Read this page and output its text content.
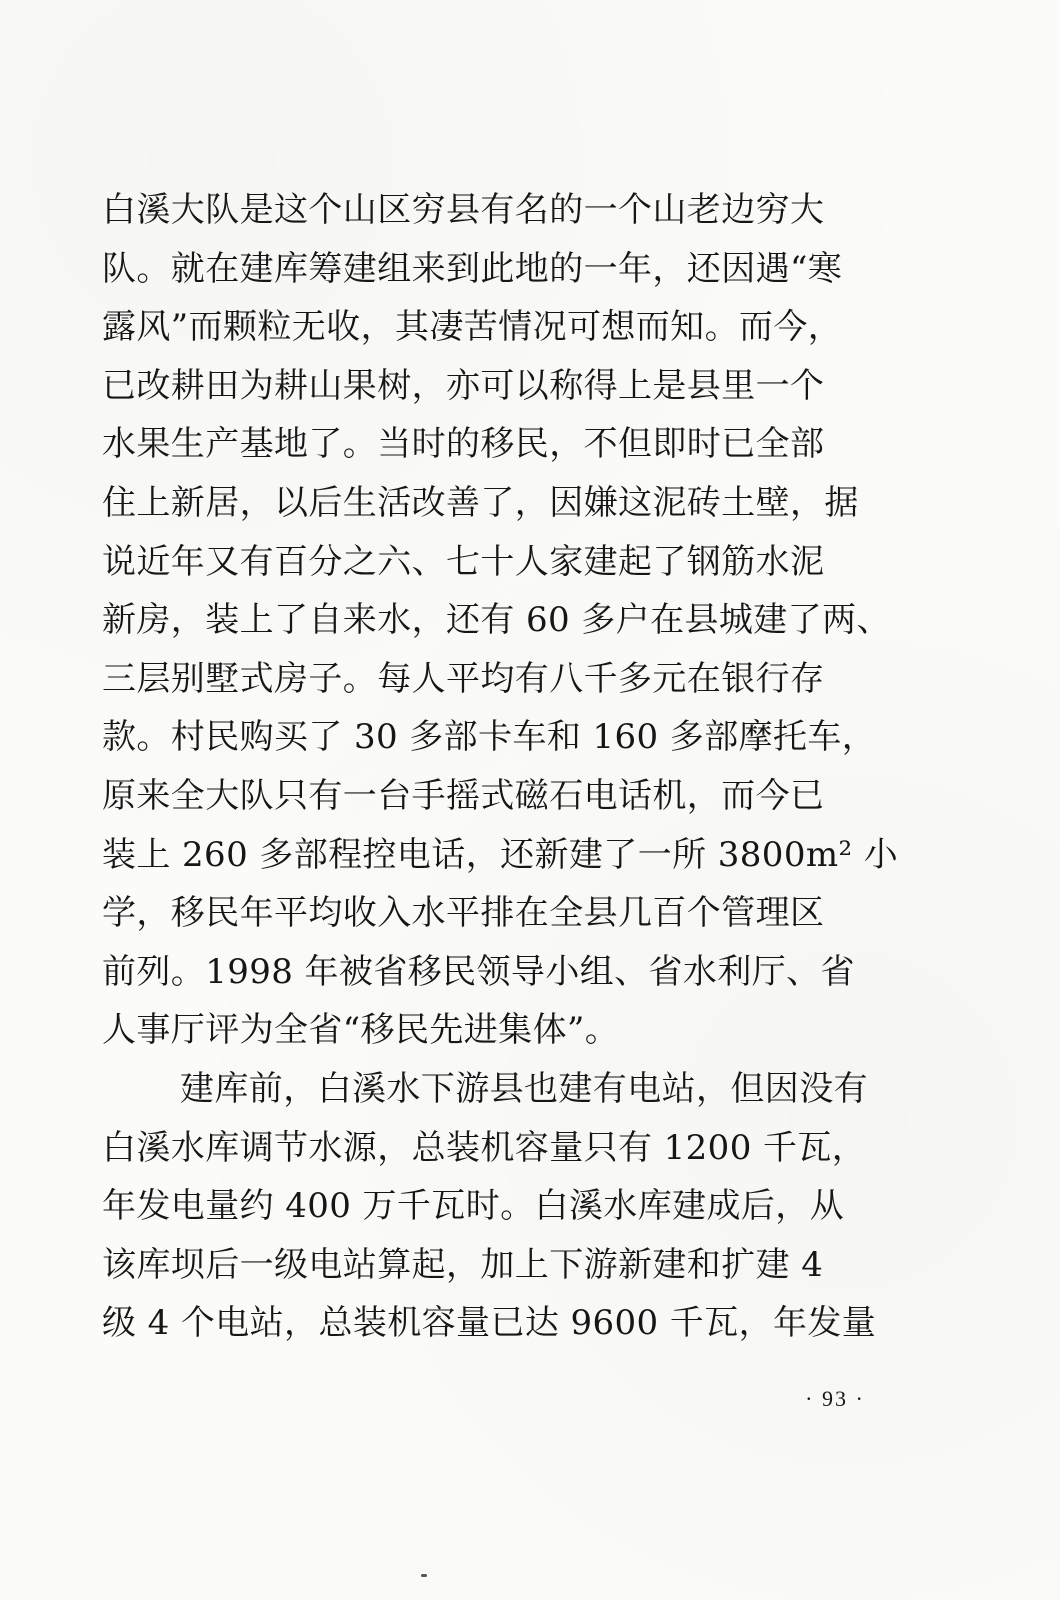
白溪大队是这个山区穷县有名的一个山老边穷大
队。就在建库筹建组来到此地的一年，还因遇“寒
露风”而颗粒无收，其凄苦情况可想而知。而今，
已改耕田为耕山果树，亦可以称得上是县里一个
水果生产基地了。当时的移民，不但即时已全部
住上新居，以后生活改善了，因嫌这泥砖土壁，据
说近年又有百分之六、七十人家建起了钢筋水泥
新房，装上了自来水，还有 60 多户在县城建了两、
三层别墅式房子。每人平均有八千多元在银行存
款。村民购买了 30 多部卡车和 160 多部摩托车，
原来全大队只有一台手摇式磁石电话机，而今已
装上 260 多部程控电话，还新建了一所 3800m² 小
学，移民年平均收入水平排在全县几百个管理区
前列。1998 年被省移民领导小组、省水利厅、省
人事厅评为全省“移民先进集体”。
建库前，白溪水下游县也建有电站，但因没有
白溪水库调节水源，总装机容量只有 1200 千瓦，
年发电量约 400 万千瓦时。白溪水库建成后，从
该库坝后一级电站算起，加上下游新建和扩建 4
级 4 个电站，总装机容量已达 9600 千瓦，年发量
· 93 ·
